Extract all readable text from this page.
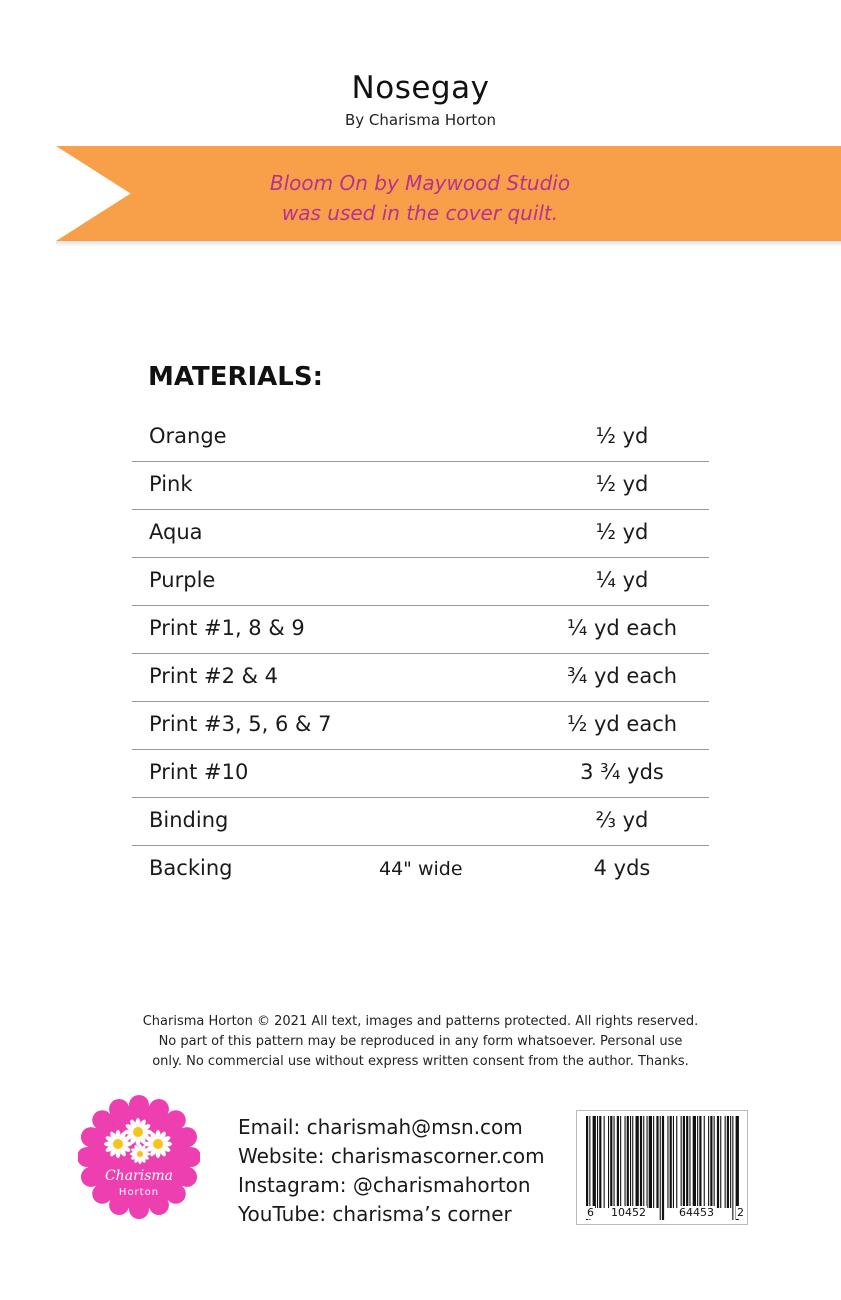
Nosegay
By Charisma Horton
Bloom On by Maywood Studio
was used in the cover quilt.
MATERIALS:
Orange	½ yd
Pink	½ yd
Aqua	½ yd
Purple	¼ yd
Print #1, 8 & 9	¼ yd each
Print #2 & 4	¾ yd each
Print #3, 5, 6 & 7	½ yd each
Print #10	3 ¾ yds
Binding	⅔ yd
Backing	44" wide	4 yds
Charisma Horton © 2021 All text, images and patterns protected. All rights reserved.
No part of this pattern may be reproduced in any form whatsoever. Personal use
only. No commercial use without express written consent from the author. Thanks.
Charisma
Horton
Email: charismah@msn.com
Website: charismascorner.com
Instagram: @charismahorton
YouTube: charisma’s corner	6 10452	64453 2
